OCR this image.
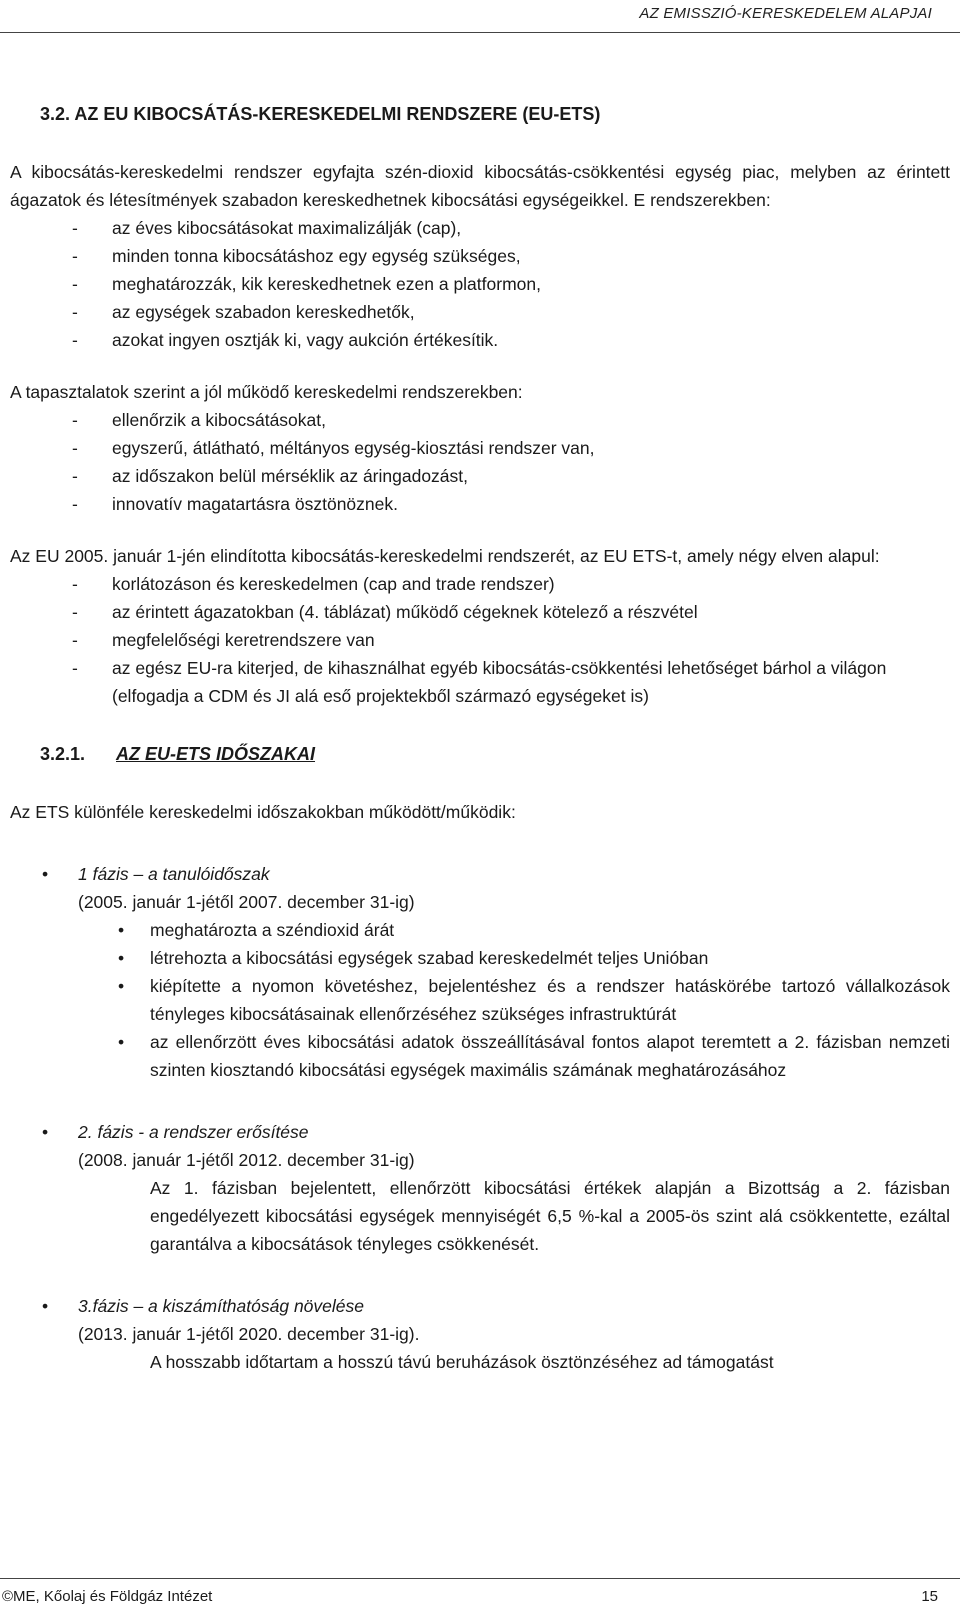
AZ EMISSZIÓ-KERESKEDELEM ALAPJAI
3.2. AZ EU KIBOCSÁTÁS-KERESKEDELMI RENDSZERE (EU-ETS)

A kibocsátás-kereskedelmi rendszer egyfajta szén-dioxid kibocsátás-csökkentési egység piac, melyben az érintett ágazatok és létesítmények szabadon kereskedhetnek kibocsátási egységeikkel. E rendszerekben:

- az éves kibocsátásokat maximalizálják (cap),
- minden tonna kibocsátáshoz egy egység szükséges,
- meghatározzák, kik kereskedhetnek ezen a platformon,
- az egységek szabadon kereskedhetők,
- azokat ingyen osztják ki, vagy aukción értékesítik.

A tapasztalatok szerint a jól működő kereskedelmi rendszerekben:

- ellenőrzik a kibocsátásokat,
- egyszerű, átlátható, méltányos egység-kiosztási rendszer van,
- az időszakon belül mérséklik az áringadozást,
- innovatív magatartásra ösztönöznek.

Az EU 2005. január 1-jén elindította kibocsátás-kereskedelmi rendszerét, az EU ETS-t, amely négy elven alapul:

- korlátozáson és kereskedelmen (cap and trade rendszer)
- az érintett ágazatokban (4. táblázat) működő cégeknek kötelező a részvétel
- megfelelőségi keretrendszere van
- az egész EU-ra kiterjed, de kihasználhat egyéb kibocsátás-csökkentési lehetőséget bárhol a világon (elfogadja a CDM és JI alá eső projektekből származó egységeket is)
3.2.1. AZ EU-ETS IDŐSZAKAI

Az ETS különféle kereskedelmi időszakokban működött/működik:

• 1 fázis – a tanulóidőszak
(2005. január 1-jétől 2007. december 31-ig)
• meghatározta a széndioxid árát
• létrehozta a kibocsátási egységek szabad kereskedelmét teljes Unióban
• kiépítette a nyomon követéshez, bejelentéshez és a rendszer hatáskörébe tartozó vállalkozások tényleges kibocsátásainak ellenőrzéséhez szükséges infrastruktúrát
• az ellenőrzött éves kibocsátási adatok összeállításával fontos alapot teremtett a 2. fázisban nemzeti szinten kiosztandó kibocsátási egységek maximális számának meghatározásához
• 2. fázis - a rendszer erősítése
(2008. január 1-jétől 2012. december 31-ig)
Az 1. fázisban bejelentett, ellenőrzött kibocsátási értékek alapján a Bizottság a 2. fázisban engedélyezett kibocsátási egységek mennyiségét 6,5 %-kal a 2005-ös szint alá csökkentette, ezáltal garantálva a kibocsátások tényleges csökkenését.
• 3.fázis – a kiszámíthatóság növelése
(2013. január 1-jétől 2020. december 31-ig).
A hosszabb időtartam a hosszú távú beruházások ösztönzéséhez ad támogatást
©ME, Kőolaj és Földgáz Intézet	15
